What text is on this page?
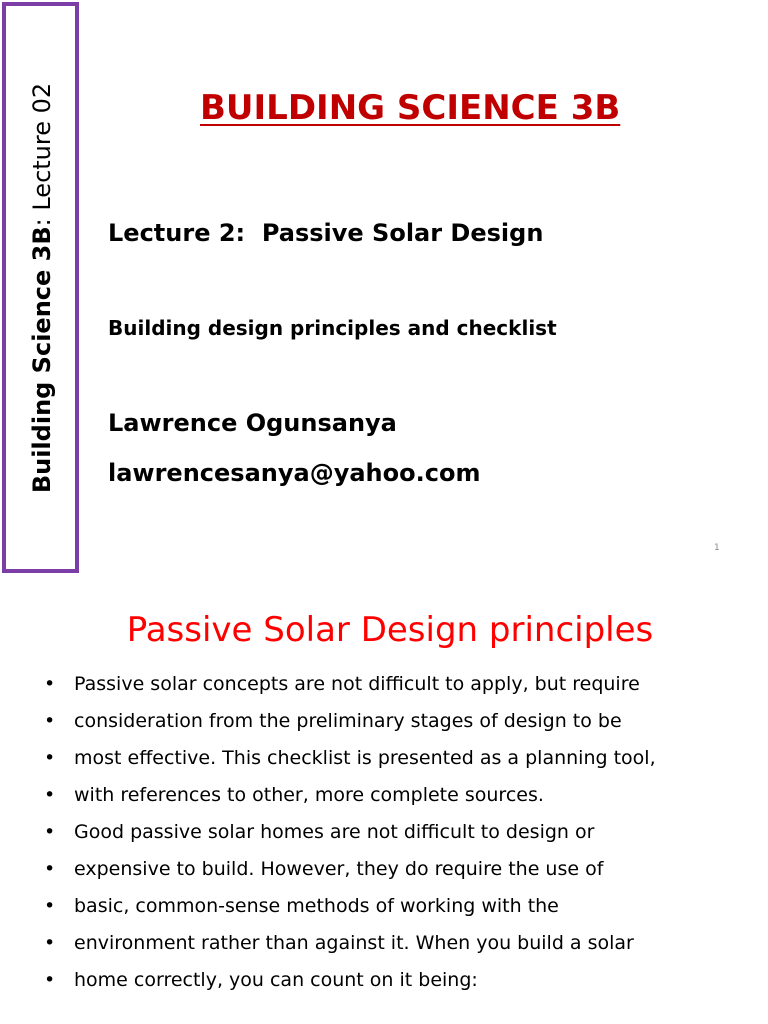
Building Science 3B: Lecture 02	BUILDING SCIENCE 3B
Lecture 2:  Passive Solar Design
Building design principles and checklist
Lawrence Ogunsanya
lawrencesanya@yahoo.com
1
Passive Solar Design principles
• Passive solar concepts are not difficult to apply, but require
• consideration from the preliminary stages of design to be
• most effective. This checklist is presented as a planning tool,
• with references to other, more complete sources.
• Good passive solar homes are not difficult to design or
• expensive to build. However, they do require the use of
• basic, common-sense methods of working with the
• environment rather than against it. When you build a solar
• home correctly, you can count on it being:
